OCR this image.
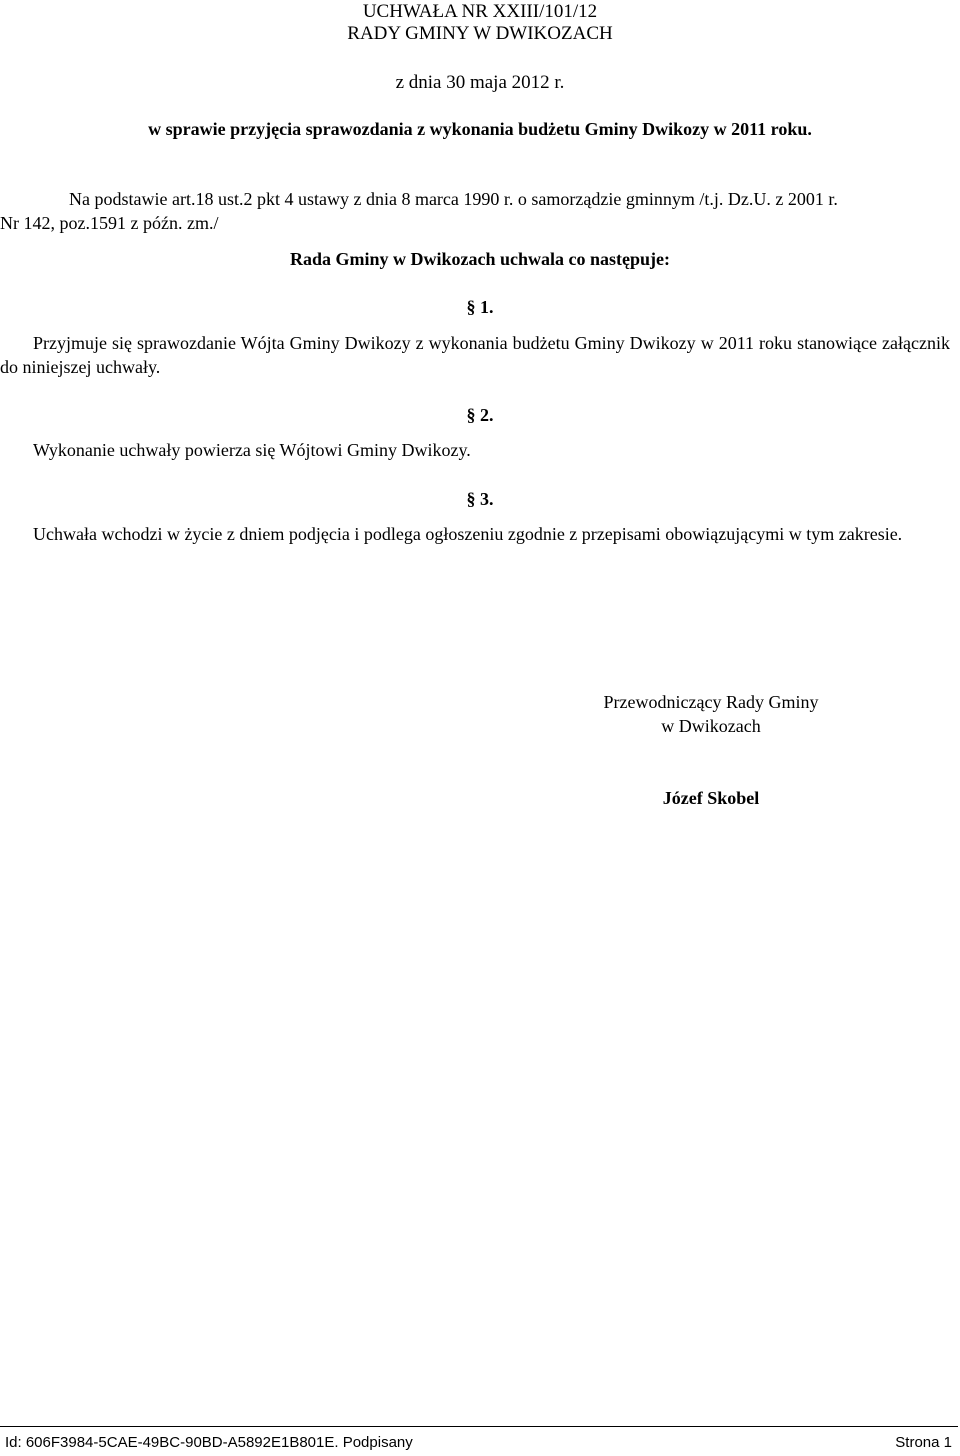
UCHWAŁA NR XXIII/101/12
RADY GMINY W DWIKOZACH
z dnia 30 maja 2012 r.
w sprawie przyjęcia sprawozdania z wykonania budżetu Gminy Dwikozy w 2011 roku.
Na podstawie art.18 ust.2 pkt 4 ustawy z dnia 8 marca 1990 r. o samorządzie gminnym /t.j. Dz.U. z 2001 r.
Nr 142, poz.1591 z późn. zm./
Rada Gminy w Dwikozach uchwala co następuje:
§ 1.
Przyjmuje się sprawozdanie Wójta Gminy Dwikozy z wykonania budżetu Gminy Dwikozy w 2011 roku stanowiące załącznik do niniejszej uchwały.
§ 2.
Wykonanie uchwały powierza się Wójtowi Gminy Dwikozy.
§ 3.
Uchwała wchodzi w życie z dniem podjęcia i podlega ogłoszeniu zgodnie z przepisami obowiązującymi w tym zakresie.
Przewodniczący Rady Gminy
w Dwikozach
Józef Skobel
Id: 606F3984-5CAE-49BC-90BD-A5892E1B801E. Podpisany	Strona 1
